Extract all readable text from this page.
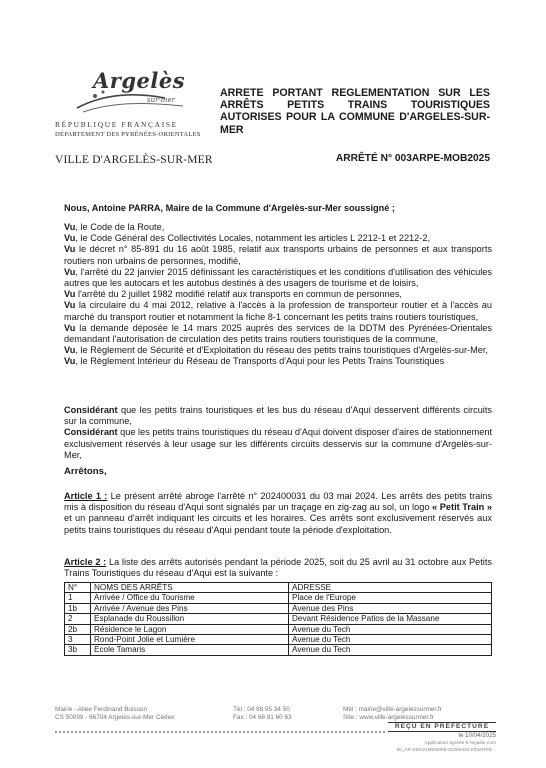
Argelès
sur-mer
RÉPUBLIQUE FRANÇAISE
DÉPARTEMENT DES PYRÉNÉES-ORIENTALES
VILLE D'ARGELÈS-SUR-MER
ARRETE PORTANT REGLEMENTATION SUR LES ARRÊTS PETITS TRAINS TOURISTIQUES AUTORISES POUR LA COMMUNE D'ARGELES-SUR-MER
ARRÊTÉ N° 003ARPE-MOB2025

Nous, Antoine PARRA, Maire de la Commune d'Argelès-sur-Mer soussigné ;

Vu, le Code de la Route,

Vu, le Code Général des Collectivités Locales, notamment les articles L 2212-1 et 2212-2,

Vu le décret n° 85-891 du 16 août 1985, relatif aux transports urbains de personnes et aux transports routiers non urbains de personnes, modifié,

Vu, l'arrêté du 22 janvier 2015 définissant les caractéristiques et les conditions d'utilisation des véhicules autres que les autocars et les autobus destinés à des usagers de tourisme et de loisirs,

Vu l'arrêté du 2 juillet 1982 modifié relatif aux transports en commun de personnes,

Vu la circulaire du 4 mai 2012, relative à l'accès à la profession de transporteur routier et à l'accès au marché du transport routier et notamment la fiche 8-1 concernant les petits trains routiers touristiques,

Vu la demande déposée le 14 mars 2025 auprès des services de la DDTM des Pyrénées-Orientales demandant l'autorisation de circulation des petits trains routiers touristiques de la commune,

Vu, le Règlement de Sécurité et d'Exploitation du réseau des petits trains touristiques d'Argelès-sur-Mer,

Vu, le Règlement Intérieur du Réseau de Transports d'Aqui pour les Petits Trains Touristiques

Considérant que les petits trains touristiques et les bus du réseau d'Aqui desservent différents circuits sur la commune,

Considérant que les petits trains touristiques du réseau d'Aqui doivent disposer d'aires de stationnement exclusivement réservés à leur usage sur les différents circuits desservis sur la commune d'Argelès-sur-Mer,

Arrêtons,

Article 1 : Le présent arrêté abroge l'arrêté n° 202400031 du 03 mai 2024. Les arrêts des petits trains mis à disposition du réseau d'Aqui sont signalés par un traçage en zig-zag au sol, un logo « Petit Train » et un panneau d'arrêt indiquant les circuits et les horaires. Ces arrêts sont exclusivement réservés aux petits trains touristiques du réseau d'Aqui pendant toute la période d'exploitation.

Article 2 : La liste des arrêts autorisés pendant la période 2025, soit du 25 avril au 31 octobre aux Petits Trains Touristiques du réseau d'Aqui est la suivante :

N°	NOMS DES ARRÊTS	ADRESSE
1	Arrivée / Office du Tourisme	Place de l'Europe
1b	Arrivée / Avenue des Pins	Avenue des Pins
2	Esplanade du Roussillon	Devant Résidence Patios de la Massane
2b	Résidence le Lagon	Avenue du Tech
3	Rond-Point Jolie et Lumière	Avenue du Tech
3b	Ecole Tamaris	Avenue du Tech
Mairie - Allée Ferdinand Buisson
CS 50099 - 66704 Argelès-sur-Mer Cedex
Tél : 04 68 95 34 50
Fax : 04 68 81 60 63
Mél : mairie@ville-argelessurmer.fr
Site : www.ville-argelessurmer.fr
REÇU EN PRÉFECTURE
le 10/04/2025
Application agréée E-legalite.com
66_AR-066-216600089-20250410-003ARPE...
